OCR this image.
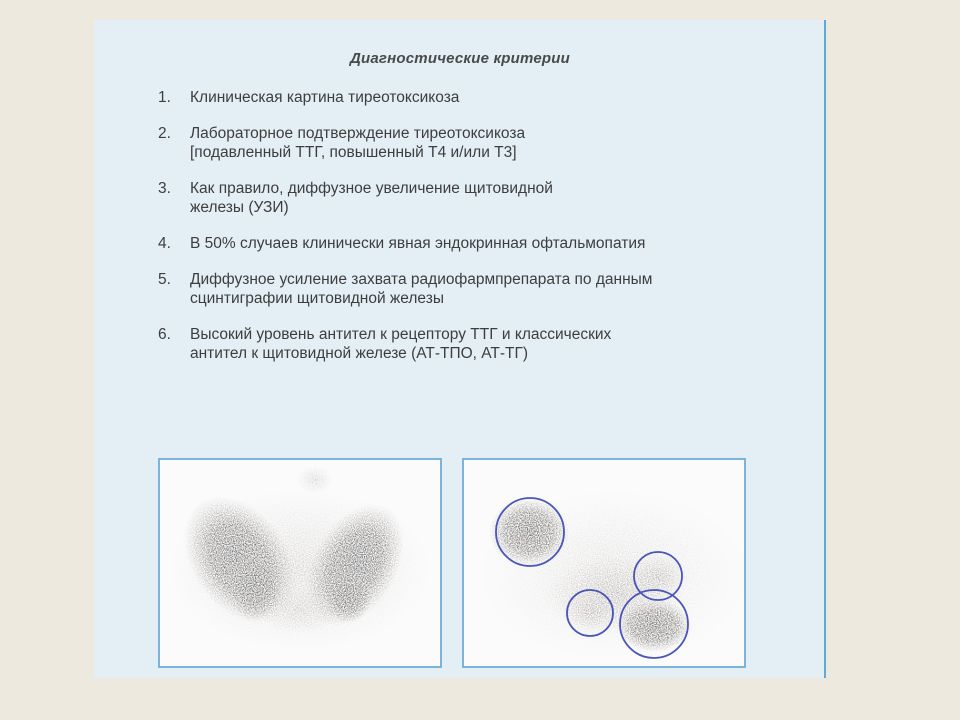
Диагностические критерии
1.	Клиническая картина тиреотоксикоза
2.	Лабораторное подтверждение тиреотоксикоза
[подавленный ТТГ, повышенный Т4 и/или Т3]
3.	Как правило, диффузное увеличение щитовидной
железы (УЗИ)
4.	В 50% случаев клинически явная эндокринная офтальмопатия
5.	Диффузное усиление захвата радиофармпрепарата по данным
сцинтиграфии щитовидной железы
6.	Высокий уровень антител к рецептору ТТГ и классических
антител к щитовидной железе (АТ-ТПО, АТ-ТГ)
